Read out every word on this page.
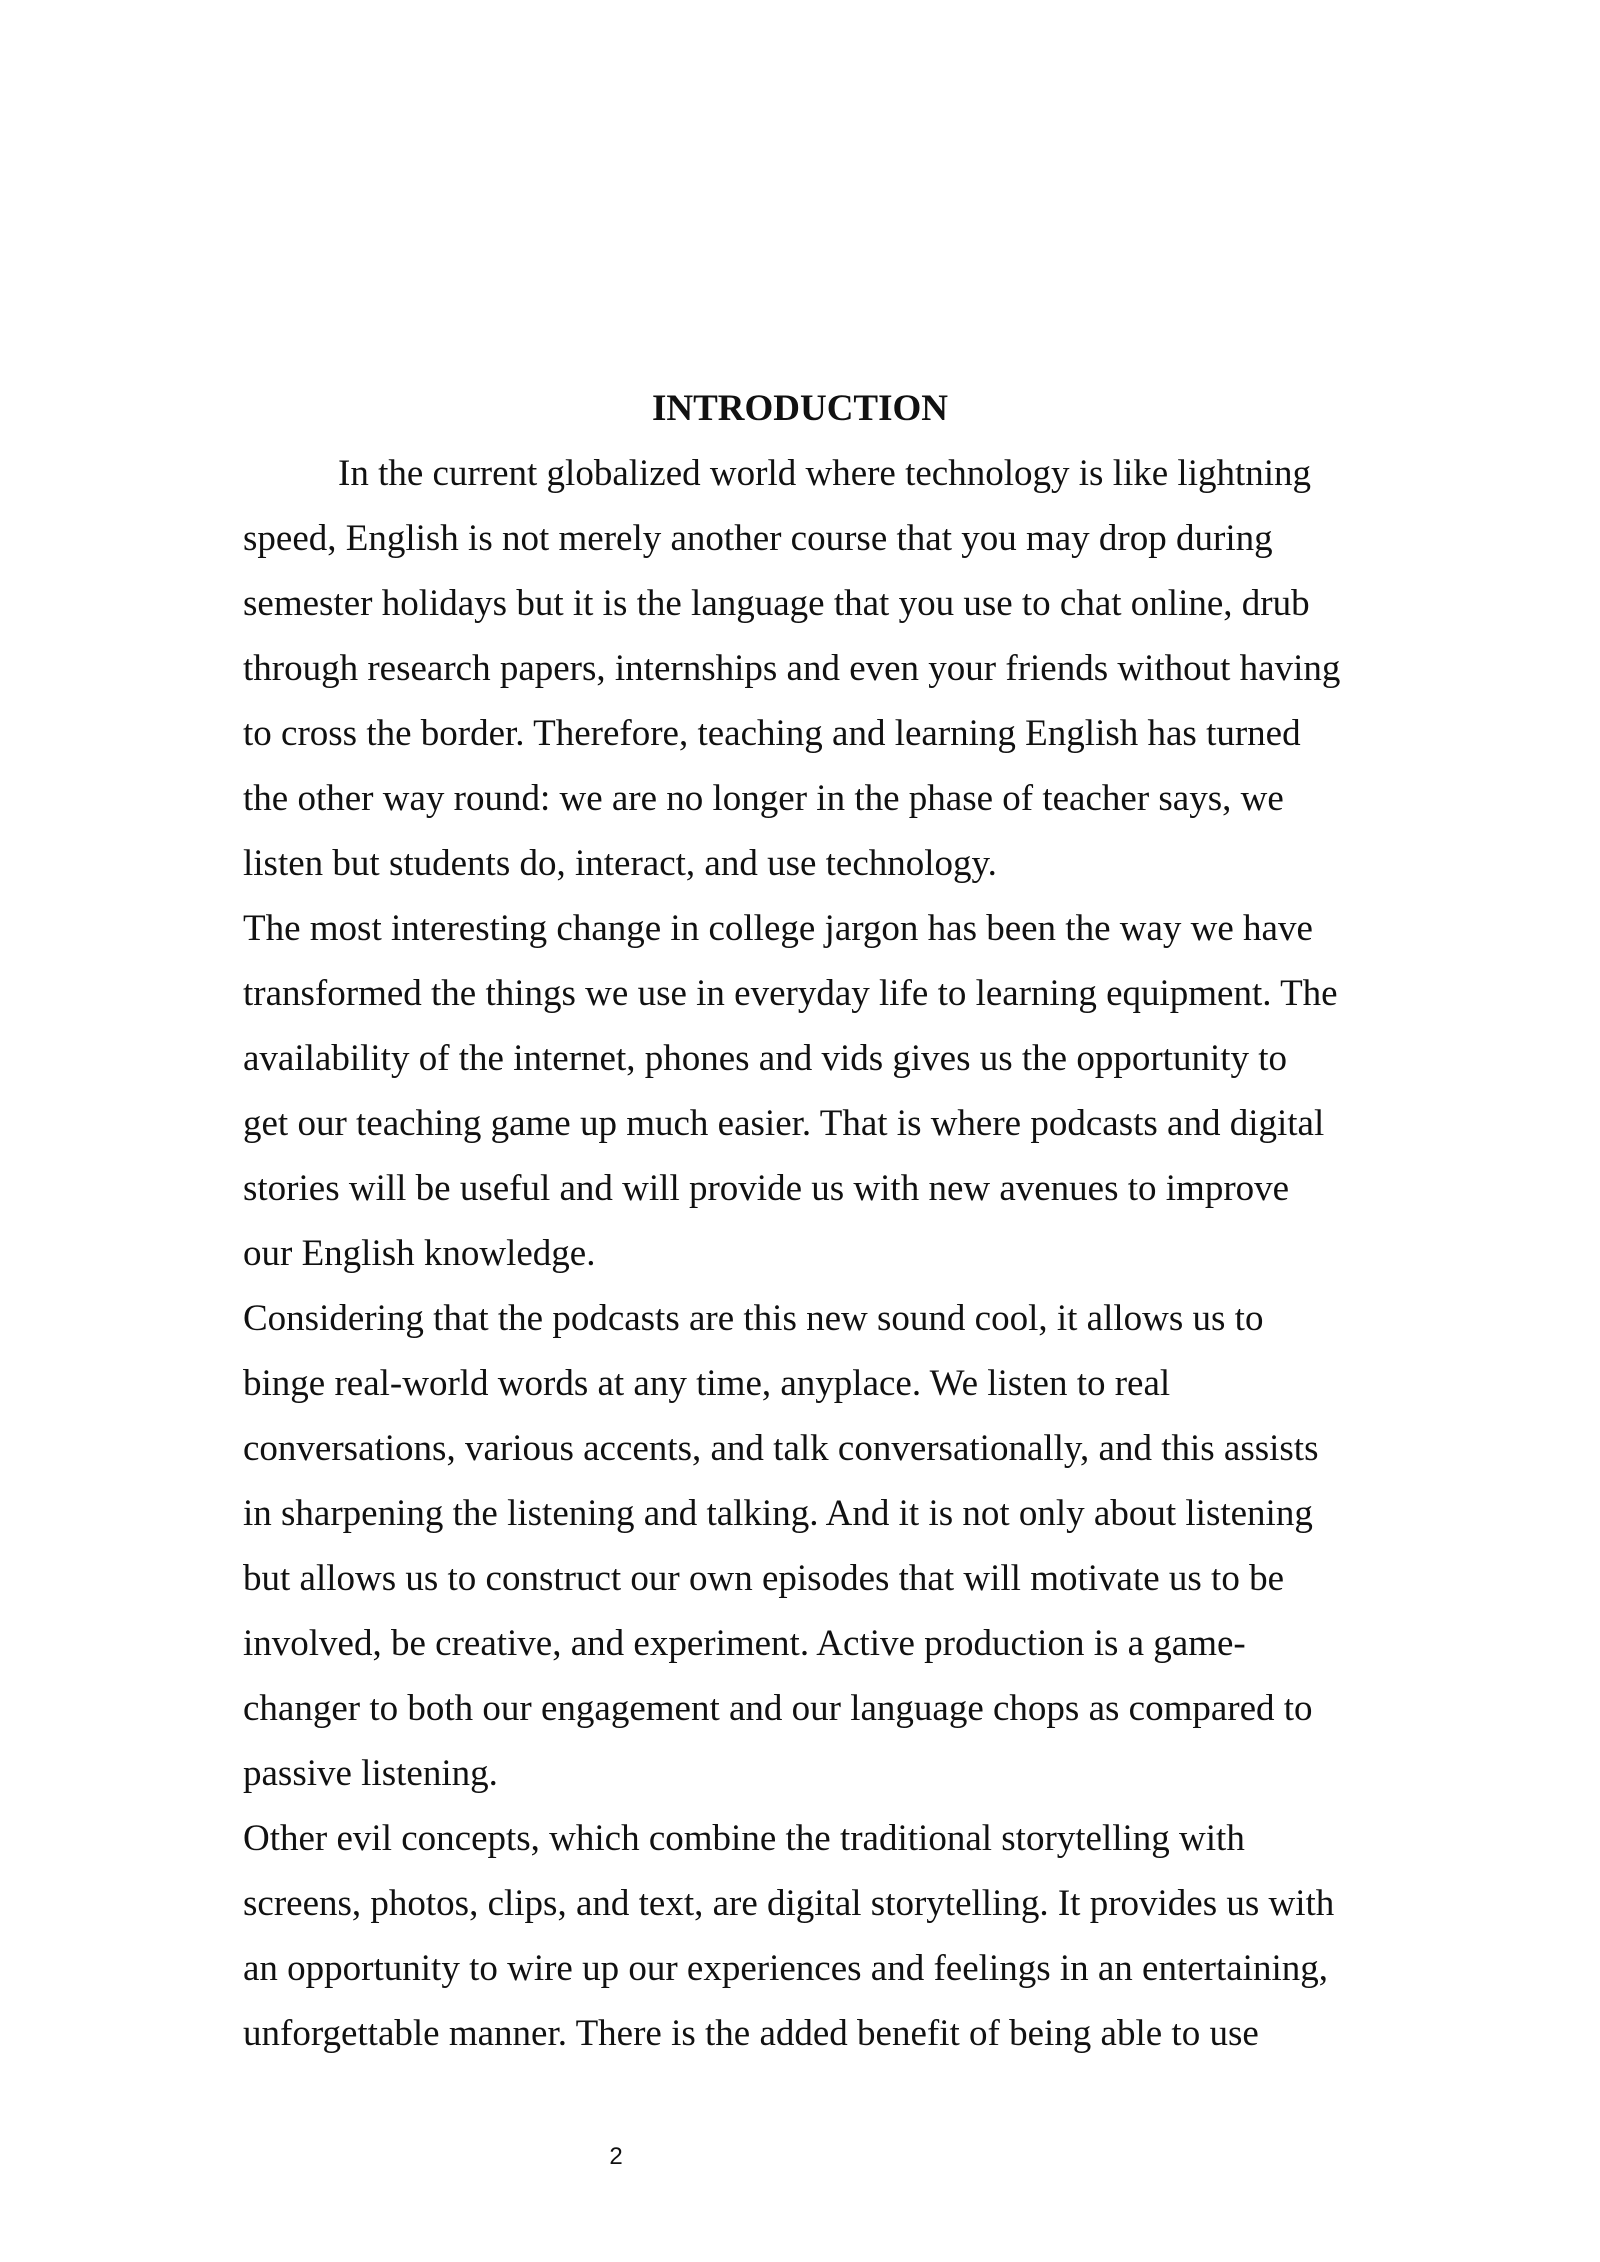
INTRODUCTION

In the current globalized world where technology is like lightning

speed, English is not merely another course that you may drop during

semester holidays but it is the language that you use to chat online, drub

through research papers, internships and even your friends without having

to cross the border. Therefore, teaching and learning English has turned

the other way round: we are no longer in the phase of teacher says, we

listen but students do, interact, and use technology.

The most interesting change in college jargon has been the way we have

transformed the things we use in everyday life to learning equipment. The

availability of the internet, phones and vids gives us the opportunity to

get our teaching game up much easier. That is where podcasts and digital

stories will be useful and will provide us with new avenues to improve

our English knowledge.

Considering that the podcasts are this new sound cool, it allows us to

binge real-world words at any time, anyplace. We listen to real

conversations, various accents, and talk conversationally, and this assists

in sharpening the listening and talking. And it is not only about listening

but allows us to construct our own episodes that will motivate us to be

involved, be creative, and experiment. Active production is a game-

changer to both our engagement and our language chops as compared to

passive listening.

Other evil concepts, which combine the traditional storytelling with

screens, photos, clips, and text, are digital storytelling. It provides us with

an opportunity to wire up our experiences and feelings in an entertaining,

unforgettable manner. There is the added benefit of being able to use

2
